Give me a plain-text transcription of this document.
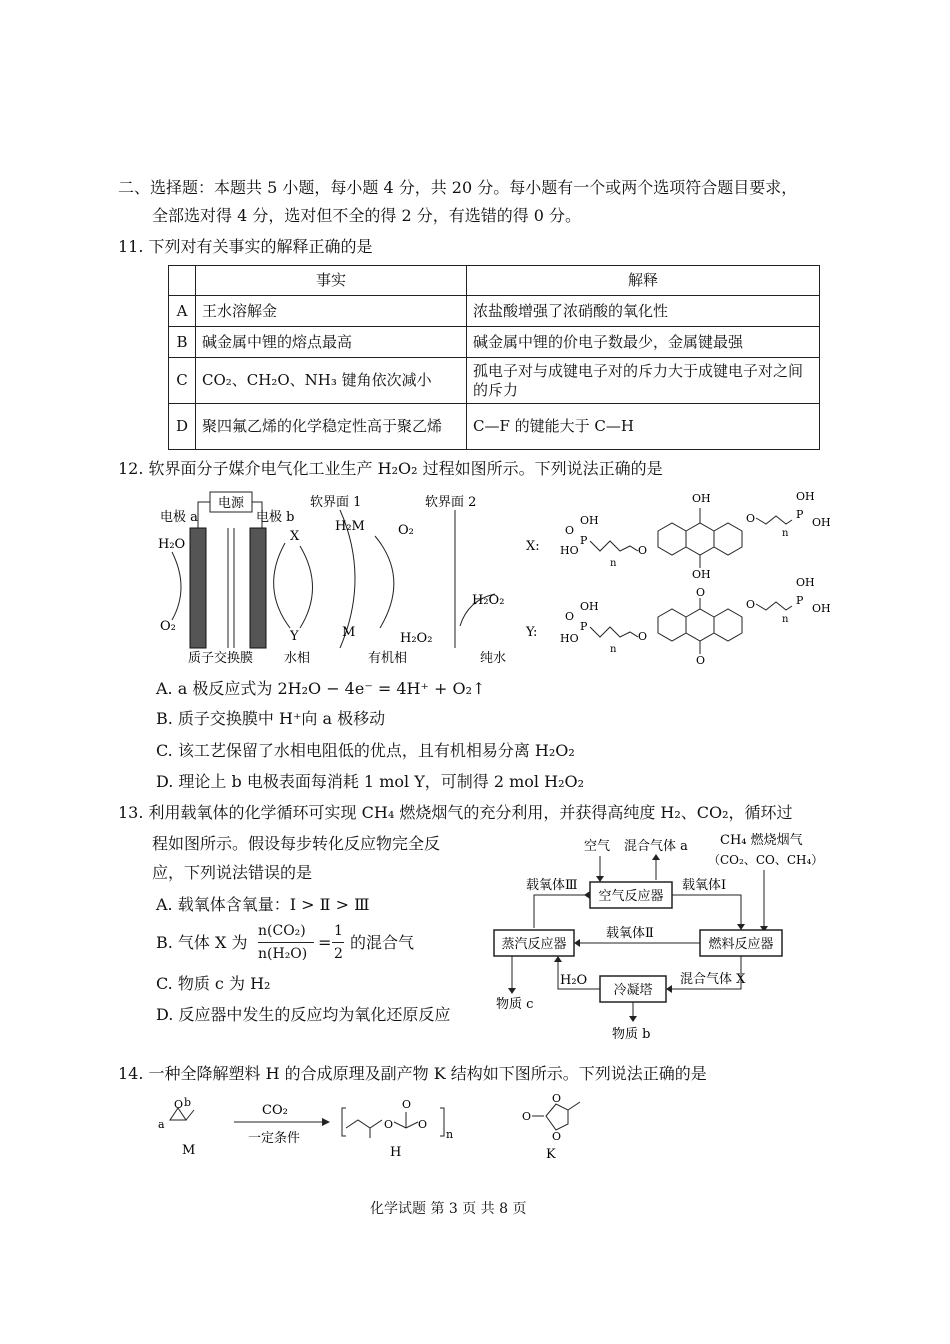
二、选择题：本题共 5 小题，每小题 4 分，共 20 分。每小题有一个或两个选项符合题目要求，
全部选对得 4 分，选对但不全的得 2 分，有选错的得 0 分。
11. 下列对有关事实的解释正确的是
	事实	解释
A	王水溶解金	浓盐酸增强了浓硝酸的氧化性
B	碱金属中锂的熔点最高	碱金属中锂的价电子数最少，金属键最强
C	CO₂、CH₂O、NH₃ 键角依次减小	孤电子对与成键电子对的斥力大于成键电子对之间的斥力
D	聚四氟乙烯的化学稳定性高于聚乙烯	C—F 的键能大于 C—H
12. 软界面分子媒介电气化工业生产 H₂O₂ 过程如图所示。下列说法正确的是
电源
电极 a	电极 b
软界面 1	软界面 2
H₂O
O₂
X
Y
H₂M
M
O₂
H₂O₂
H₂O₂
质子交换膜 水相	有机相	纯水
X:
O
OH
P
HO
n
O
OH
OH
O
n
OH
P
OH
Y:
O
OH
P
HO
n
O
O
O
O
n
OH
P
OH
A. a 极反应式为 2H₂O − 4e⁻ = 4H⁺ + O₂↑
B. 质子交换膜中 H⁺向 a 极移动
C. 该工艺保留了水相电阻低的优点，且有机相易分离 H₂O₂
D. 理论上 b 电极表面每消耗 1 mol Y，可制得 2 mol H₂O₂
13. 利用载氧体的化学循环可实现 CH₄ 燃烧烟气的充分利用，并获得高纯度 H₂、CO₂，循环过
程如图所示。假设每步转化反应物完全反
应，下列说法错误的是
A. 载氧体含氧量：Ⅰ > Ⅱ > Ⅲ
B. 气体 X 为
n(CO₂)
n(H₂O)
=
1
2
的混合气
C. 物质 c 为 H₂
D. 反应器中发生的反应均为氧化还原反应
空气 混合气体 a CH₄ 燃烧烟气
（CO₂、CO、CH₄）
空气反应器
蒸汽反应器	燃料反应器
冷凝塔
载氧体Ⅲ	载氧体Ⅰ
载氧体Ⅱ
混合气体 X
H₂O
物质 c
物质 b
14. 一种全降解塑料 H 的合成原理及副产物 K 结构如下图所示。下列说法正确的是
O
a
b
M
CO₂
一定条件
O
O
O
n
H
O
O
O
K
化学试题 第 3 页 共 8 页
